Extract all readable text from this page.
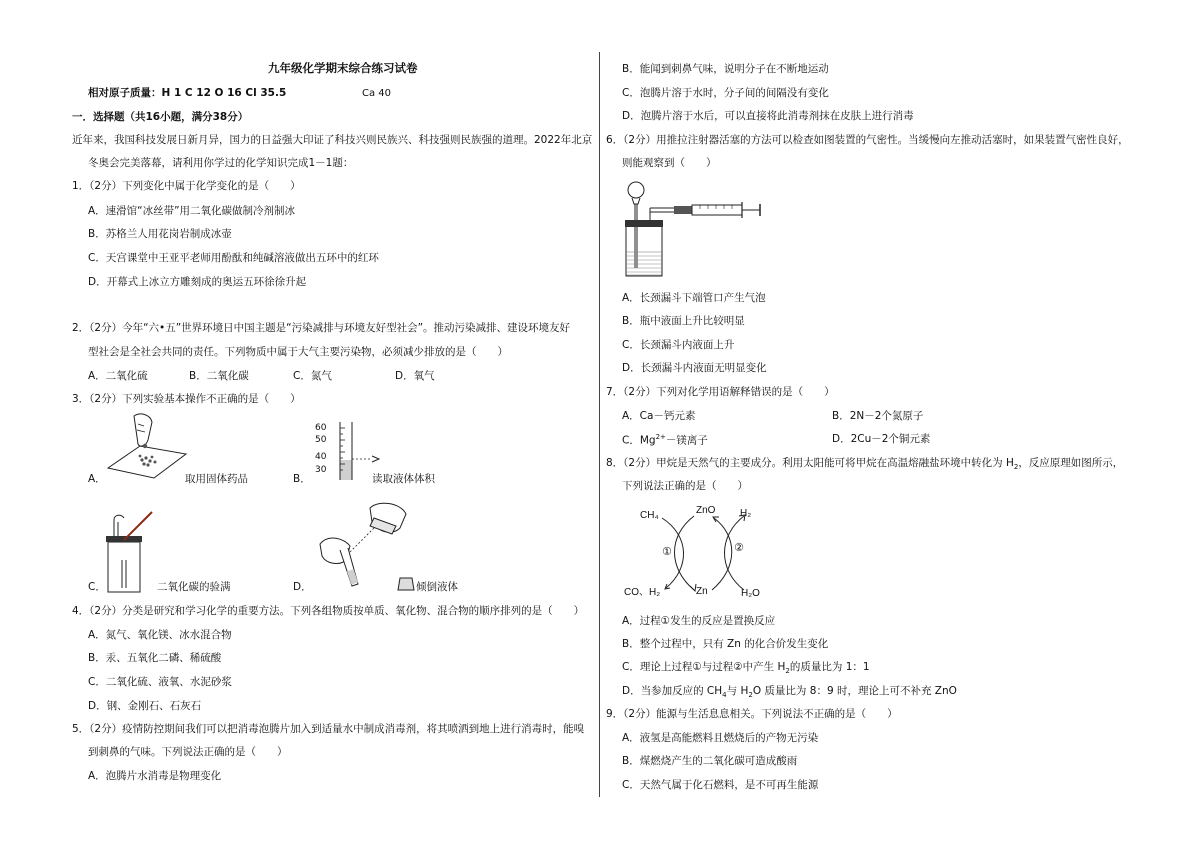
九年级化学期末综合练习试卷
相对原子质量：H 1 C 12 O 16 Cl 35.5	Ca 40
一．选择题（共16小题，满分38分）
近年来，我国科技发展日新月异，国力的日益强大印证了科技兴则民族兴、科技强则民族强的道理。2022年北京
冬奥会完美落幕，请利用你学过的化学知识完成1－1题：
1．（2分）下列变化中属于化学变化的是（　　）
A．速滑馆“冰丝带”用二氧化碳做制冷剂制冰
B．苏格兰人用花岗岩制成冰壶
C．天宫课堂中王亚平老师用酚酞和纯碱溶液做出五环中的红环
D．开幕式上冰立方雕刻成的奥运五环徐徐升起
2．（2分）今年“六•五”世界环境日中国主题是“污染减排与环境友好型社会”。推动污染减排、建设环境友好
型社会是全社会共同的责任。下列物质中属于大气主要污染物，必须减少排放的是（　　）
A．二氧化硫	B．二氧化碳	C．氮气	D．氧气
3．（2分）下列实验基本操作不正确的是（　　）
A．	取用固体药品	B．
60
50
40
30
读取液体体积
C．	二氧化碳的验满	D．	倾倒液体
4．（2分）分类是研究和学习化学的重要方法。下列各组物质按单质、氧化物、混合物的顺序排列的是（　　）
A．氮气、氧化镁、冰水混合物
B．汞、五氧化二磷、稀硫酸
C．二氧化硫、液氧、水泥砂浆
D．钢、金刚石、石灰石
5．（2分）疫情防控期间我们可以把消毒泡腾片加入到适量水中制成消毒剂，将其喷洒到地上进行消毒时，能嗅
到刺鼻的气味。下列说法正确的是（　　）
A．泡腾片水消毒是物理变化
B．能闻到刺鼻气味，说明分子在不断地运动
C．泡腾片溶于水时，分子间的间隔没有变化
D．泡腾片溶于水后，可以直接将此消毒剂抹在皮肤上进行消毒
6．（2分）用推拉注射器活塞的方法可以检查如图装置的气密性。当缓慢向左推动活塞时，如果装置气密性良好，
则能观察到（　　）
A．长颈漏斗下端管口产生气泡
B．瓶中液面上升比较明显
C．长颈漏斗内液面上升
D．长颈漏斗内液面无明显变化
7．（2分）下列对化学用语解释错误的是（　　）
A．Ca－钙元素	B．2N－2个氮原子
C．$Mg^{2+}-$镁离子	D．2Cu－2个铜元素
8．（2分）甲烷是天然气的主要成分。利用太阳能可将甲烷在高温熔融盐环境中转化为 $H_2$，反应原理如图所示，
下列说法正确的是（　　）
CH₄	ZnO H₂
CO、H₂	Zn	H₂O
①	②
A．过程①发生的反应是置换反应
B．整个过程中，只有 Zn 的化合价发生变化
C．理论上过程①与过程②中产生 $H_2$的质量比为 1：1
D．当参加反应的 $CH_4$与 $H_2O$ 质量比为 8：9 时，理论上可不补充 ZnO
9．（2分）能源与生活息息相关。下列说法不正确的是（　　）
A．液氢是高能燃料且燃烧后的产物无污染
B．煤燃烧产生的二氧化碳可造成酸雨
C．天然气属于化石燃料，是不可再生能源
